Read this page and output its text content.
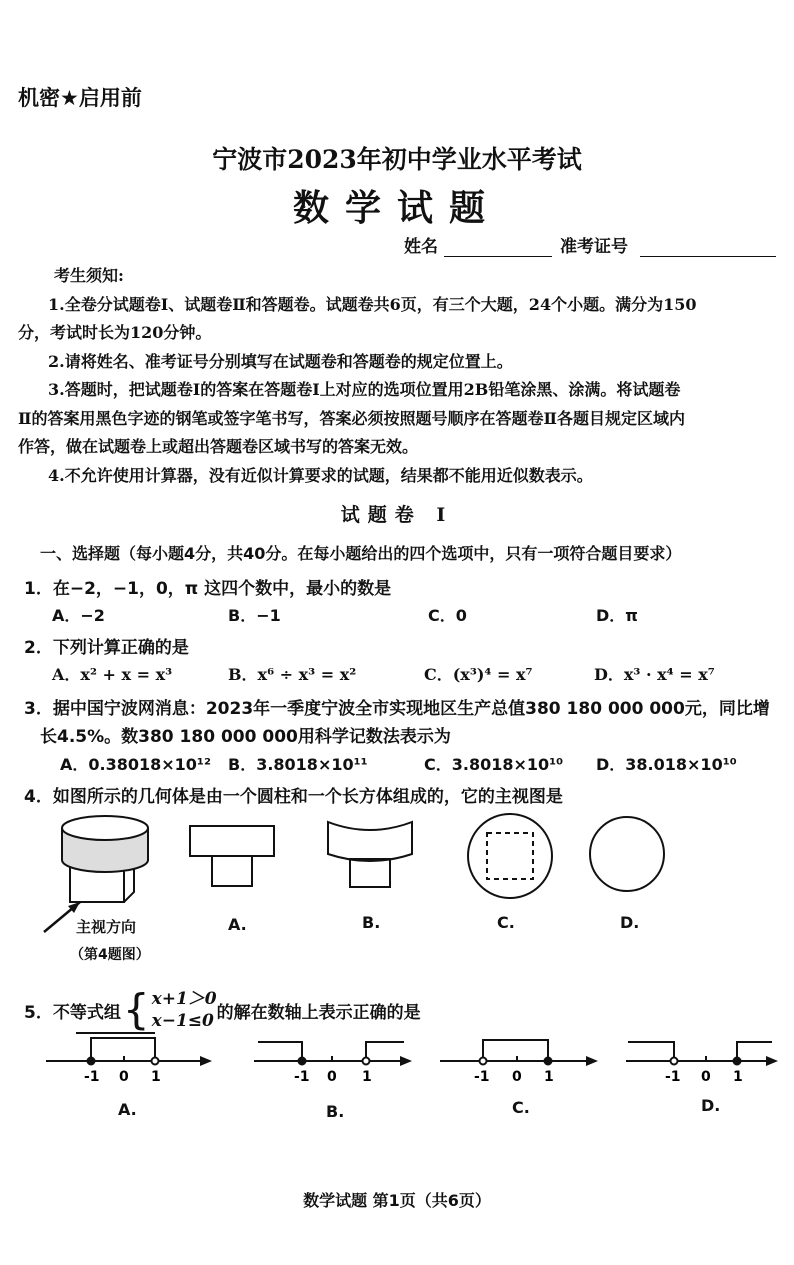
机密★启用前
宁波市2023年初中学业水平考试
数学试题
姓名	准考证号

考生须知:

1.全卷分试题卷Ⅰ、试题卷Ⅱ和答题卷。试题卷共6页，有三个大题，24个小题。满分为150

分，考试时长为120分钟。

2.请将姓名、准考证号分别填写在试题卷和答题卷的规定位置上。

3.答题时，把试题卷Ⅰ的答案在答题卷Ⅰ上对应的选项位置用2B铅笔涂黑、涂满。将试题卷

Ⅱ的答案用黑色字迹的钢笔或签字笔书写，答案必须按照题号顺序在答题卷Ⅱ各题目规定区域内

作答，做在试题卷上或超出答题卷区域书写的答案无效。

4.不允许使用计算器，没有近似计算要求的试题，结果都不能用近似数表示。

试题卷 Ⅰ
一、选择题（每小题4分，共40分。在每小题给出的四个选项中，只有一项符合题目要求）
1．在−2，−1，0，π 这四个数中，最小的数是
A．−2	B．−1	C．0	D．π
2．下列计算正确的是
A．x² + x = x³	B．x⁶ ÷ x³ = x²	C．(x³)⁴ = x⁷	D．x³ · x⁴ = x⁷
3．据中国宁波网消息：2023年一季度宁波全市实现地区生产总值380 180 000 000元，同比增
长4.5%。数380 180 000 000用科学记数法表示为
A．0.38018×10¹² B．3.8018×10¹¹	C．3.8018×10¹⁰ D．38.018×10¹⁰
4．如图所示的几何体是由一个圆柱和一个长方体组成的，它的主视图是
主视方向
（第4题图）
A.	B.	C.	D.
5．不等式组 { x+1＞0
x−1≤0 的解在数轴上表示正确的是
-1 0 1	-1 0 1	-1 0 1	-1 0 1
A.	B.	C.	D.
数学试题 第1页（共6页）
